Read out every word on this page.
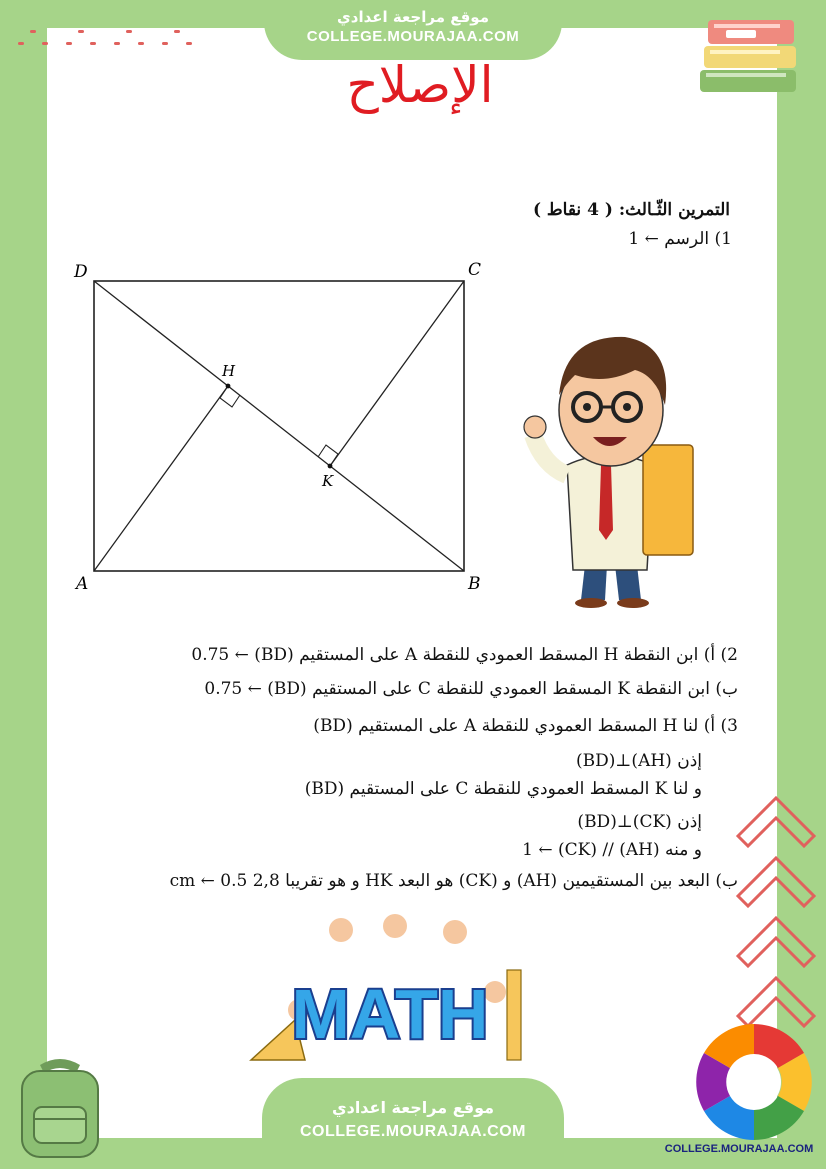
موقع مراجعة اعدادي
COLLEGE.MOURAJAA.COM
الإصلاح
التمرين الثّـالث: ( 4 نقاط )
1) الرسم ← 1
D	C
H
K
A	B
2) أ) ابن النقطة H المسقط العمودي للنقطة A على المستقيم (BD) ← 0.75
ب) ابن النقطة K المسقط العمودي للنقطة C على المستقيم (BD) ← 0.75
3) أ) لنا H المسقط العمودي للنقطة A على المستقيم (BD)
إذن (AH)⊥(BD)
و لنا K المسقط العمودي للنقطة C على المستقيم (BD)
إذن (CK)⊥(BD)
و منه (AH) // (CK) ← 1
ب) البعد بين المستقيمين (AH) و (CK) هو البعد HK و هو تقريبا 2,8 cm ← 0.5
MATH
موقع مراجعة اعدادي
COLLEGE.MOURAJAA.COM
COLLEGE.MOURAJAA.COM
